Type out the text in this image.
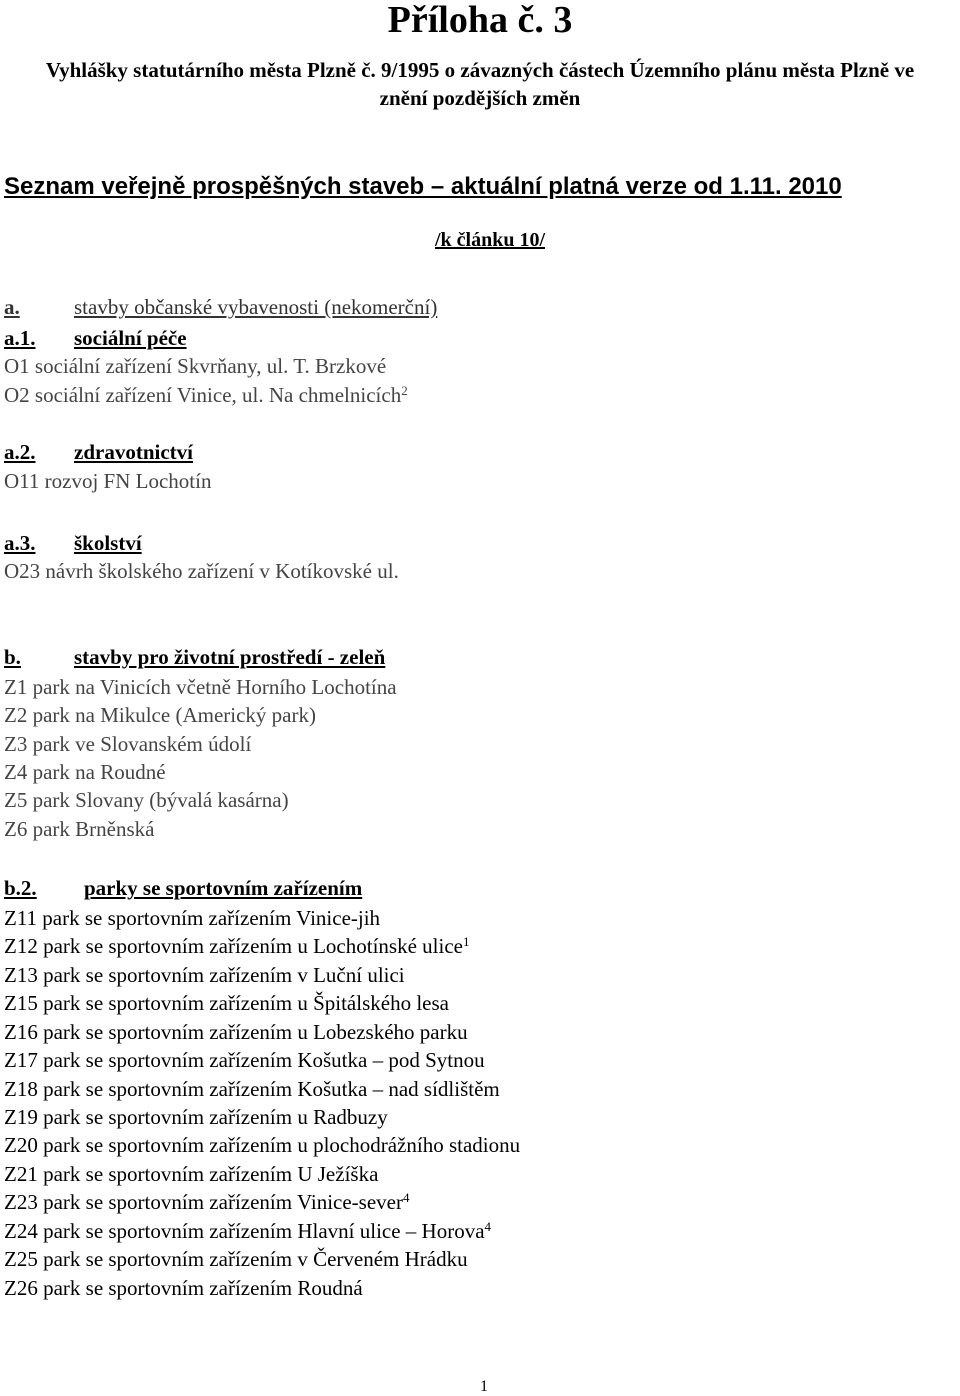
Příloha č. 3
Vyhlášky statutárního města Plzně č. 9/1995 o závazných částech Územního plánu města Plzně ve
znění pozdějších změn
Seznam veřejně prospěšných staveb – aktuální platná verze od 1.11. 2010
/k článku 10/
a.	stavby občanské vybavenosti (nekomerční)
a.1. sociální péče
O1 sociální zařízení Skvrňany, ul. T. Brzkové
O2 sociální zařízení Vinice, ul. Na chmelnicích$^2$
a.2. zdravotnictví
O11 rozvoj FN Lochotín
a.3. školství
O23 návrh školského zařízení v Kotíkovské ul.
b.	stavby pro životní prostředí - zeleň
Z1 park na Vinicích včetně Horního Lochotína
Z2 park na Mikulce (Americký park)
Z3 park ve Slovanském údolí
Z4 park na Roudné
Z5 park Slovany (bývalá kasárna)
Z6 park Brněnská
b.2. parky se sportovním zařízením
Z11 park se sportovním zařízením Vinice-jih
Z12 park se sportovním zařízením u Lochotínské ulice$^1$
Z13 park se sportovním zařízením v Luční ulici
Z15 park se sportovním zařízením u Špitálského lesa
Z16 park se sportovním zařízením u Lobezského parku
Z17 park se sportovním zařízením Košutka – pod Sytnou
Z18 park se sportovním zařízením Košutka – nad sídlištěm
Z19 park se sportovním zařízením u Radbuzy
Z20 park se sportovním zařízením u plochodrážního stadionu
Z21 park se sportovním zařízením U Ježíška
Z23 park se sportovním zařízením Vinice-sever$^4$
Z24 park se sportovním zařízením Hlavní ulice – Horova$^4$
Z25 park se sportovním zařízením v Červeném Hrádku
Z26 park se sportovním zařízením Roudná
1
